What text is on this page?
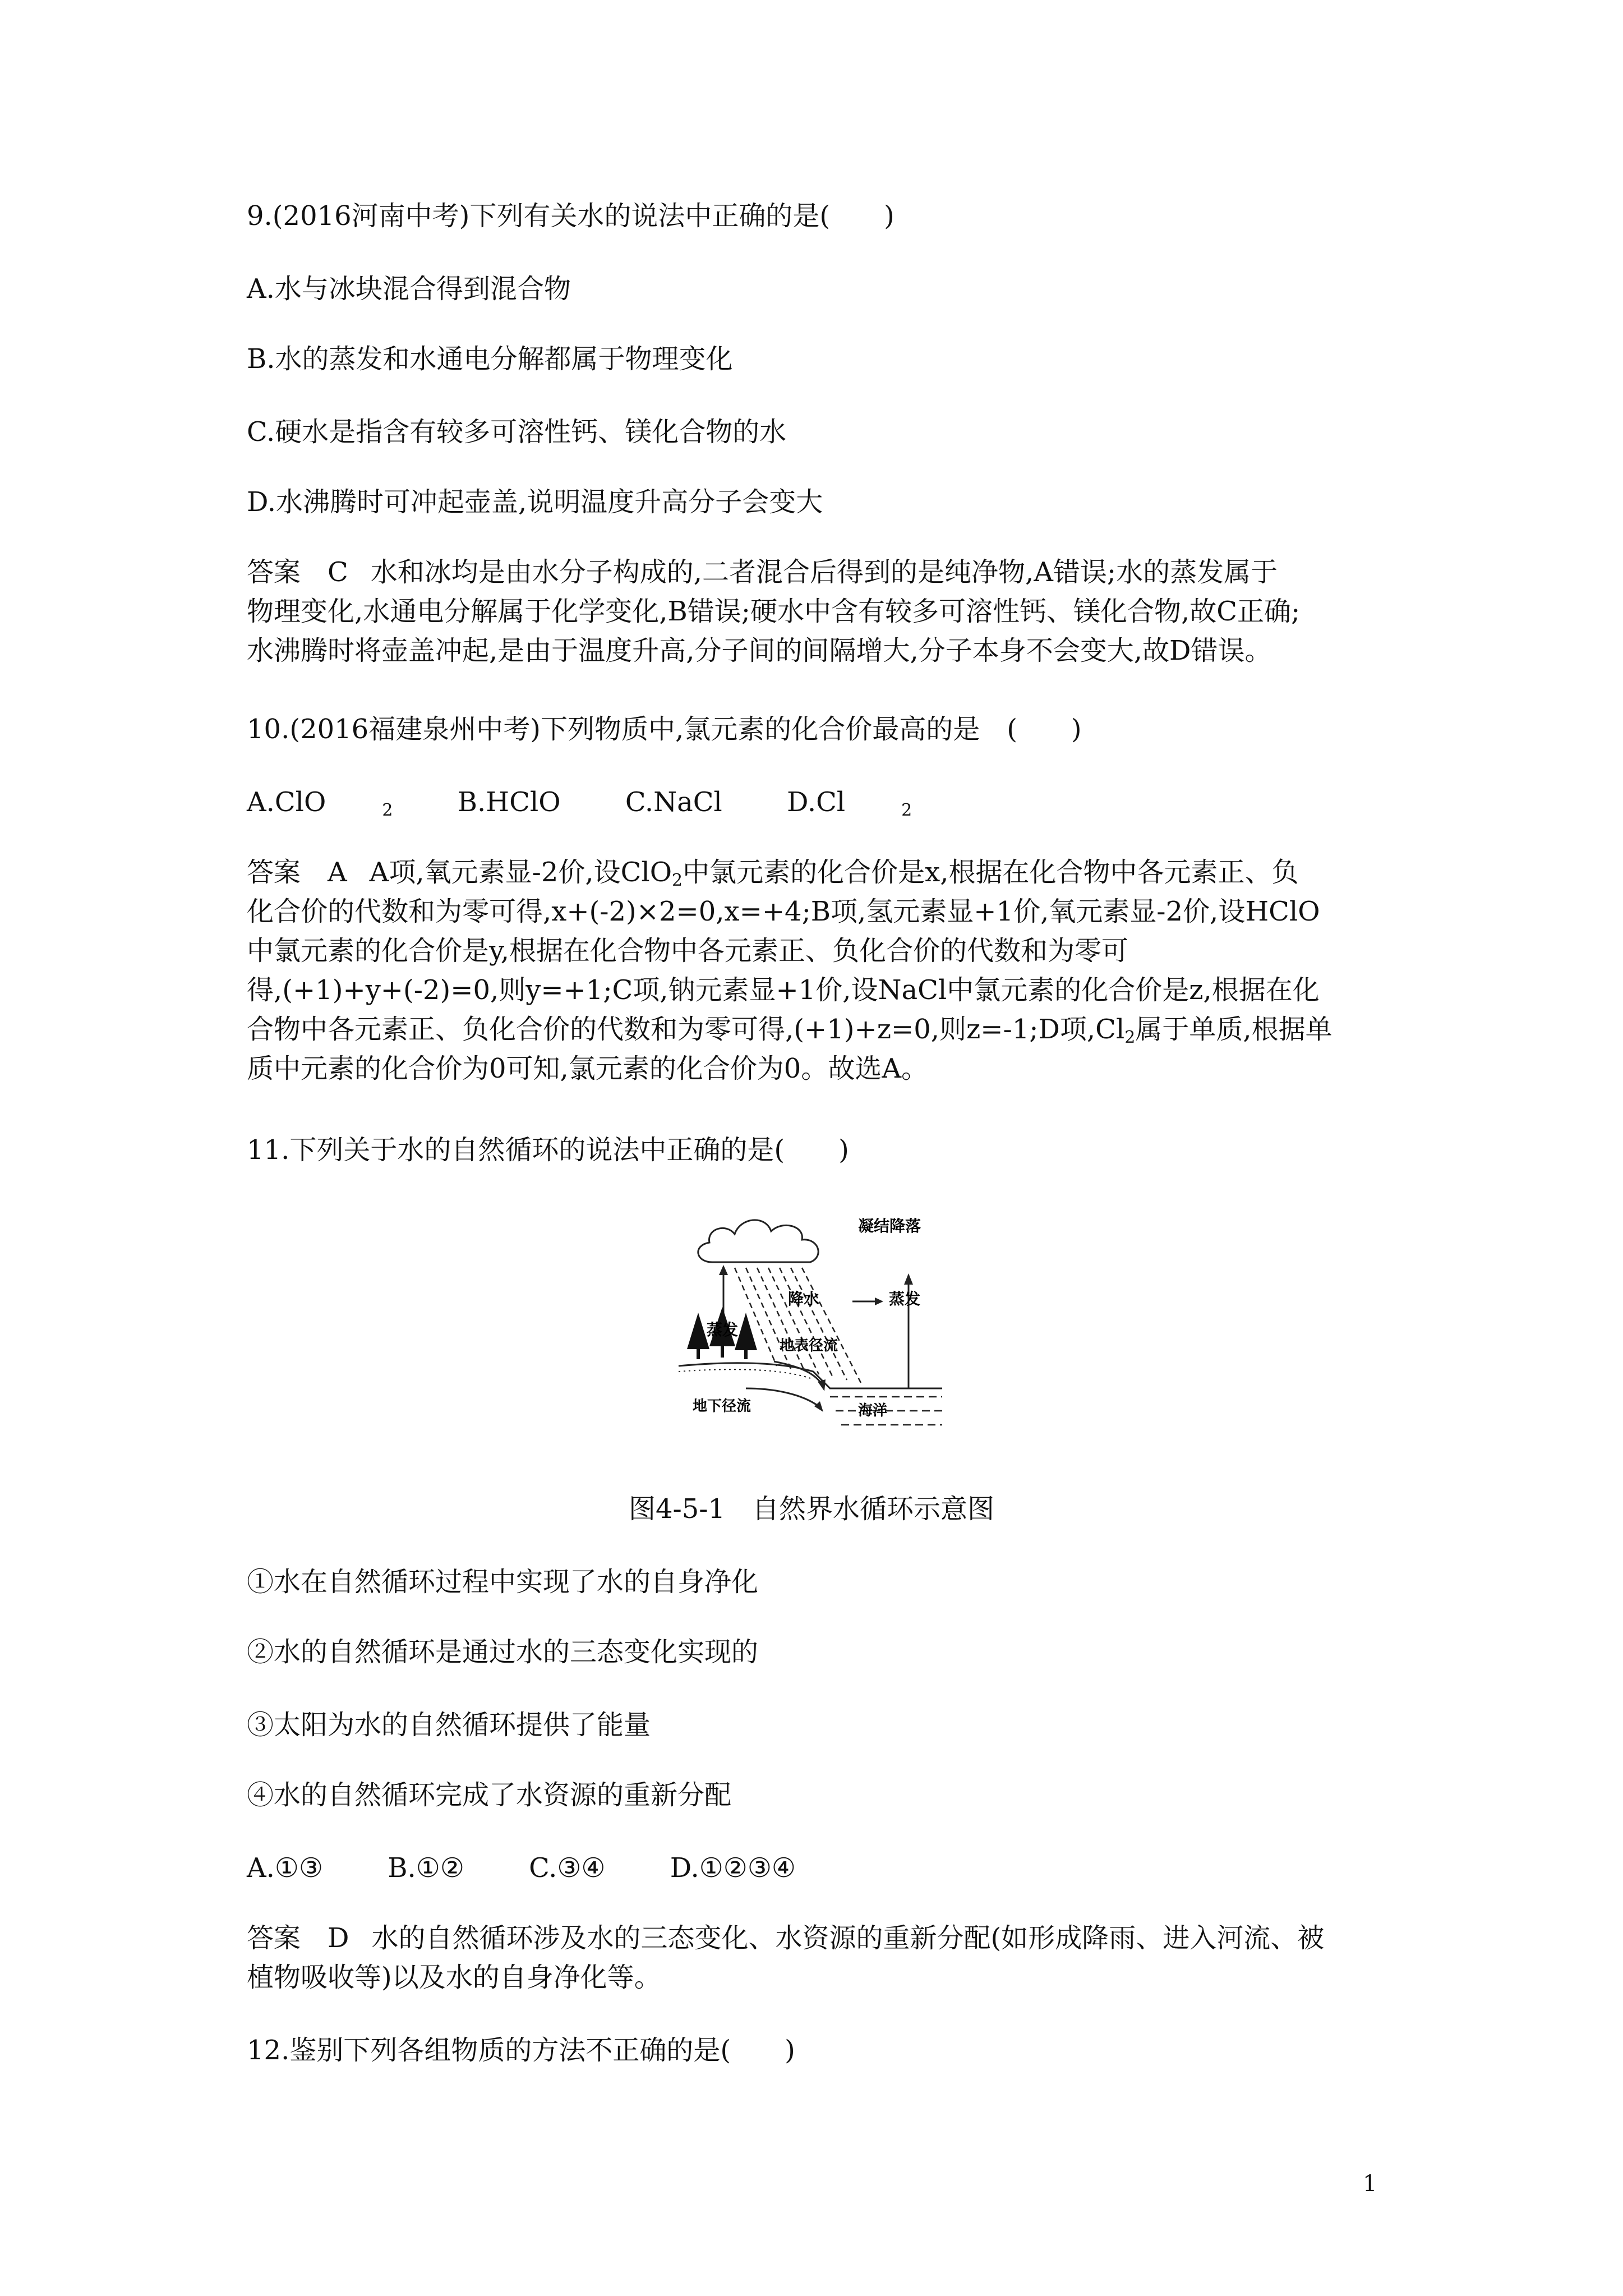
9.(2016河南中考)下列有关水的说法中正确的是(　　)
A.水与冰块混合得到混合物
B.水的蒸发和水通电分解都属于物理变化
C.硬水是指含有较多可溶性钙、镁化合物的水
D.水沸腾时可冲起壶盖,说明温度升高分子会变大
答案　C 水和冰均是由水分子构成的,二者混合后得到的是纯净物,A错误;水的蒸发属于
物理变化,水通电分解属于化学变化,B错误;硬水中含有较多可溶性钙、镁化合物,故C正确;
水沸腾时将壶盖冲起,是由于温度升高,分子间的间隔增大,分子本身不会变大,故D错误。
10.(2016福建泉州中考)下列物质中,氯元素的化合价最高的是　(　　)
A.ClO	$_2$ B.HClO C.NaCl D.Cl	$_2$
答案　A A项,氧元素显-2价,设ClO$_2$中氯元素的化合价是x,根据在化合物中各元素正、负
化合价的代数和为零可得,x+(-2)×2=0,x=+4;B项,氢元素显+1价,氧元素显-2价,设HClO
中氯元素的化合价是y,根据在化合物中各元素正、负化合价的代数和为零可
得,(+1)+y+(-2)=0,则y=+1;C项,钠元素显+1价,设NaCl中氯元素的化合价是z,根据在化
合物中各元素正、负化合价的代数和为零可得,(+1)+z=0,则z=-1;D项$,Cl_2$属于单质,根据单
质中元素的化合价为0可知,氯元素的化合价为0。故选A。
11.下列关于水的自然循环的说法中正确的是(　　)
凝结降落
蒸发
降水	蒸发
地表径流
地下径流	海洋
图4-5-1　自然界水循环示意图
①水在自然循环过程中实现了水的自身净化
②水的自然循环是通过水的三态变化实现的
③太阳为水的自然循环提供了能量
④水的自然循环完成了水资源的重新分配
A.①③ B.①② C.③④ D.①②③④
答案　D 水的自然循环涉及水的三态变化、水资源的重新分配(如形成降雨、进入河流、被
植物吸收等)以及水的自身净化等。
12.鉴别下列各组物质的方法不正确的是(　　)
1
